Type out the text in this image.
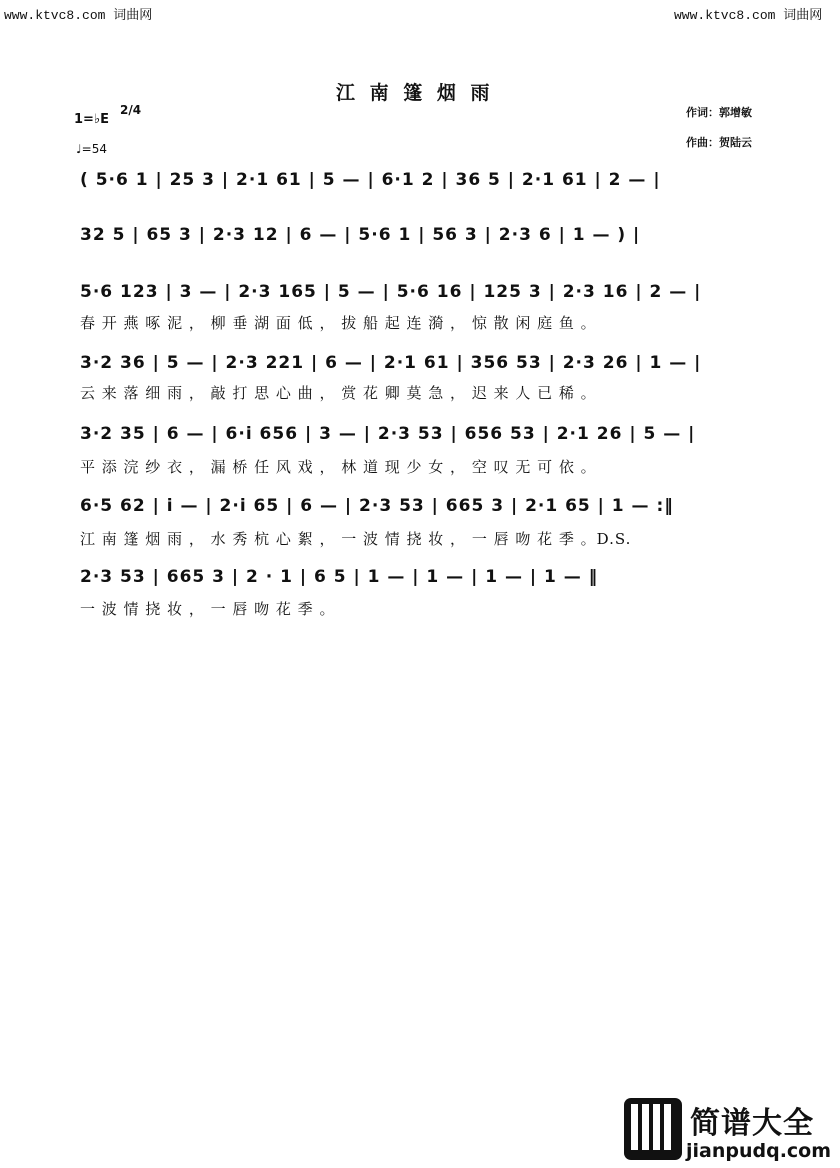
www.ktvc8.com 词曲网	www.ktvc8.com 词曲网
江 南 篷 烟 雨
1=♭E
2/4
♩=54
作词：郭增敏
作曲：贺陆云
( 5·6 1 | 25 3 | 2·1 61 | 5 — | 6·1 2 | 36 5 | 2·1 61 | 2 — |
32 5 | 65 3 | 2·3 12 | 6 — | 5·6 1 | 56 3 | 2·3 6 | 1 — ) |
5·6 123 | 3 — | 2·3 165 | 5 — | 5·6 16 | 125 3 | 2·3 16 | 2 — |
春 开 燕 啄 泥 ， 柳 垂 湖 面 低 ， 拔 船 起 连 漪 ， 惊 散 闲 庭 鱼 。
3·2 36 | 5 — | 2·3 221 | 6 — | 2·1 61 | 356 53 | 2·3 26 | 1 — |
云 来 落 细 雨 ， 敲 打 思 心 曲 ， 赏 花 卿 莫 急 ， 迟 来 人 已 稀 。
3·2 35 | 6 — | 6·i 656 | 3 — | 2·3 53 | 656 53 | 2·1 26 | 5 — |
平 添 浣 纱 衣 ， 漏 桥 任 风 戏 ， 林 道 现 少 女 ， 空 叹 无 可 依 。
6·5 62 | i — | 2·i 65 | 6 — | 2·3 53 | 665 3 | 2·1 65 | 1 — :‖
江 南 篷 烟 雨 ， 水 秀 杭 心 絮 ， 一 波 情 挠 妆 ， 一 唇 吻 花 季 。D.S.
2·3 53 | 665 3 | 2 · 1 | 6 5 | 1 — | 1 — | 1 — | 1 — ‖
一 波 情 挠 妆 ， 一 唇 吻 花 季 。
简谱大全
jianpudq.com
